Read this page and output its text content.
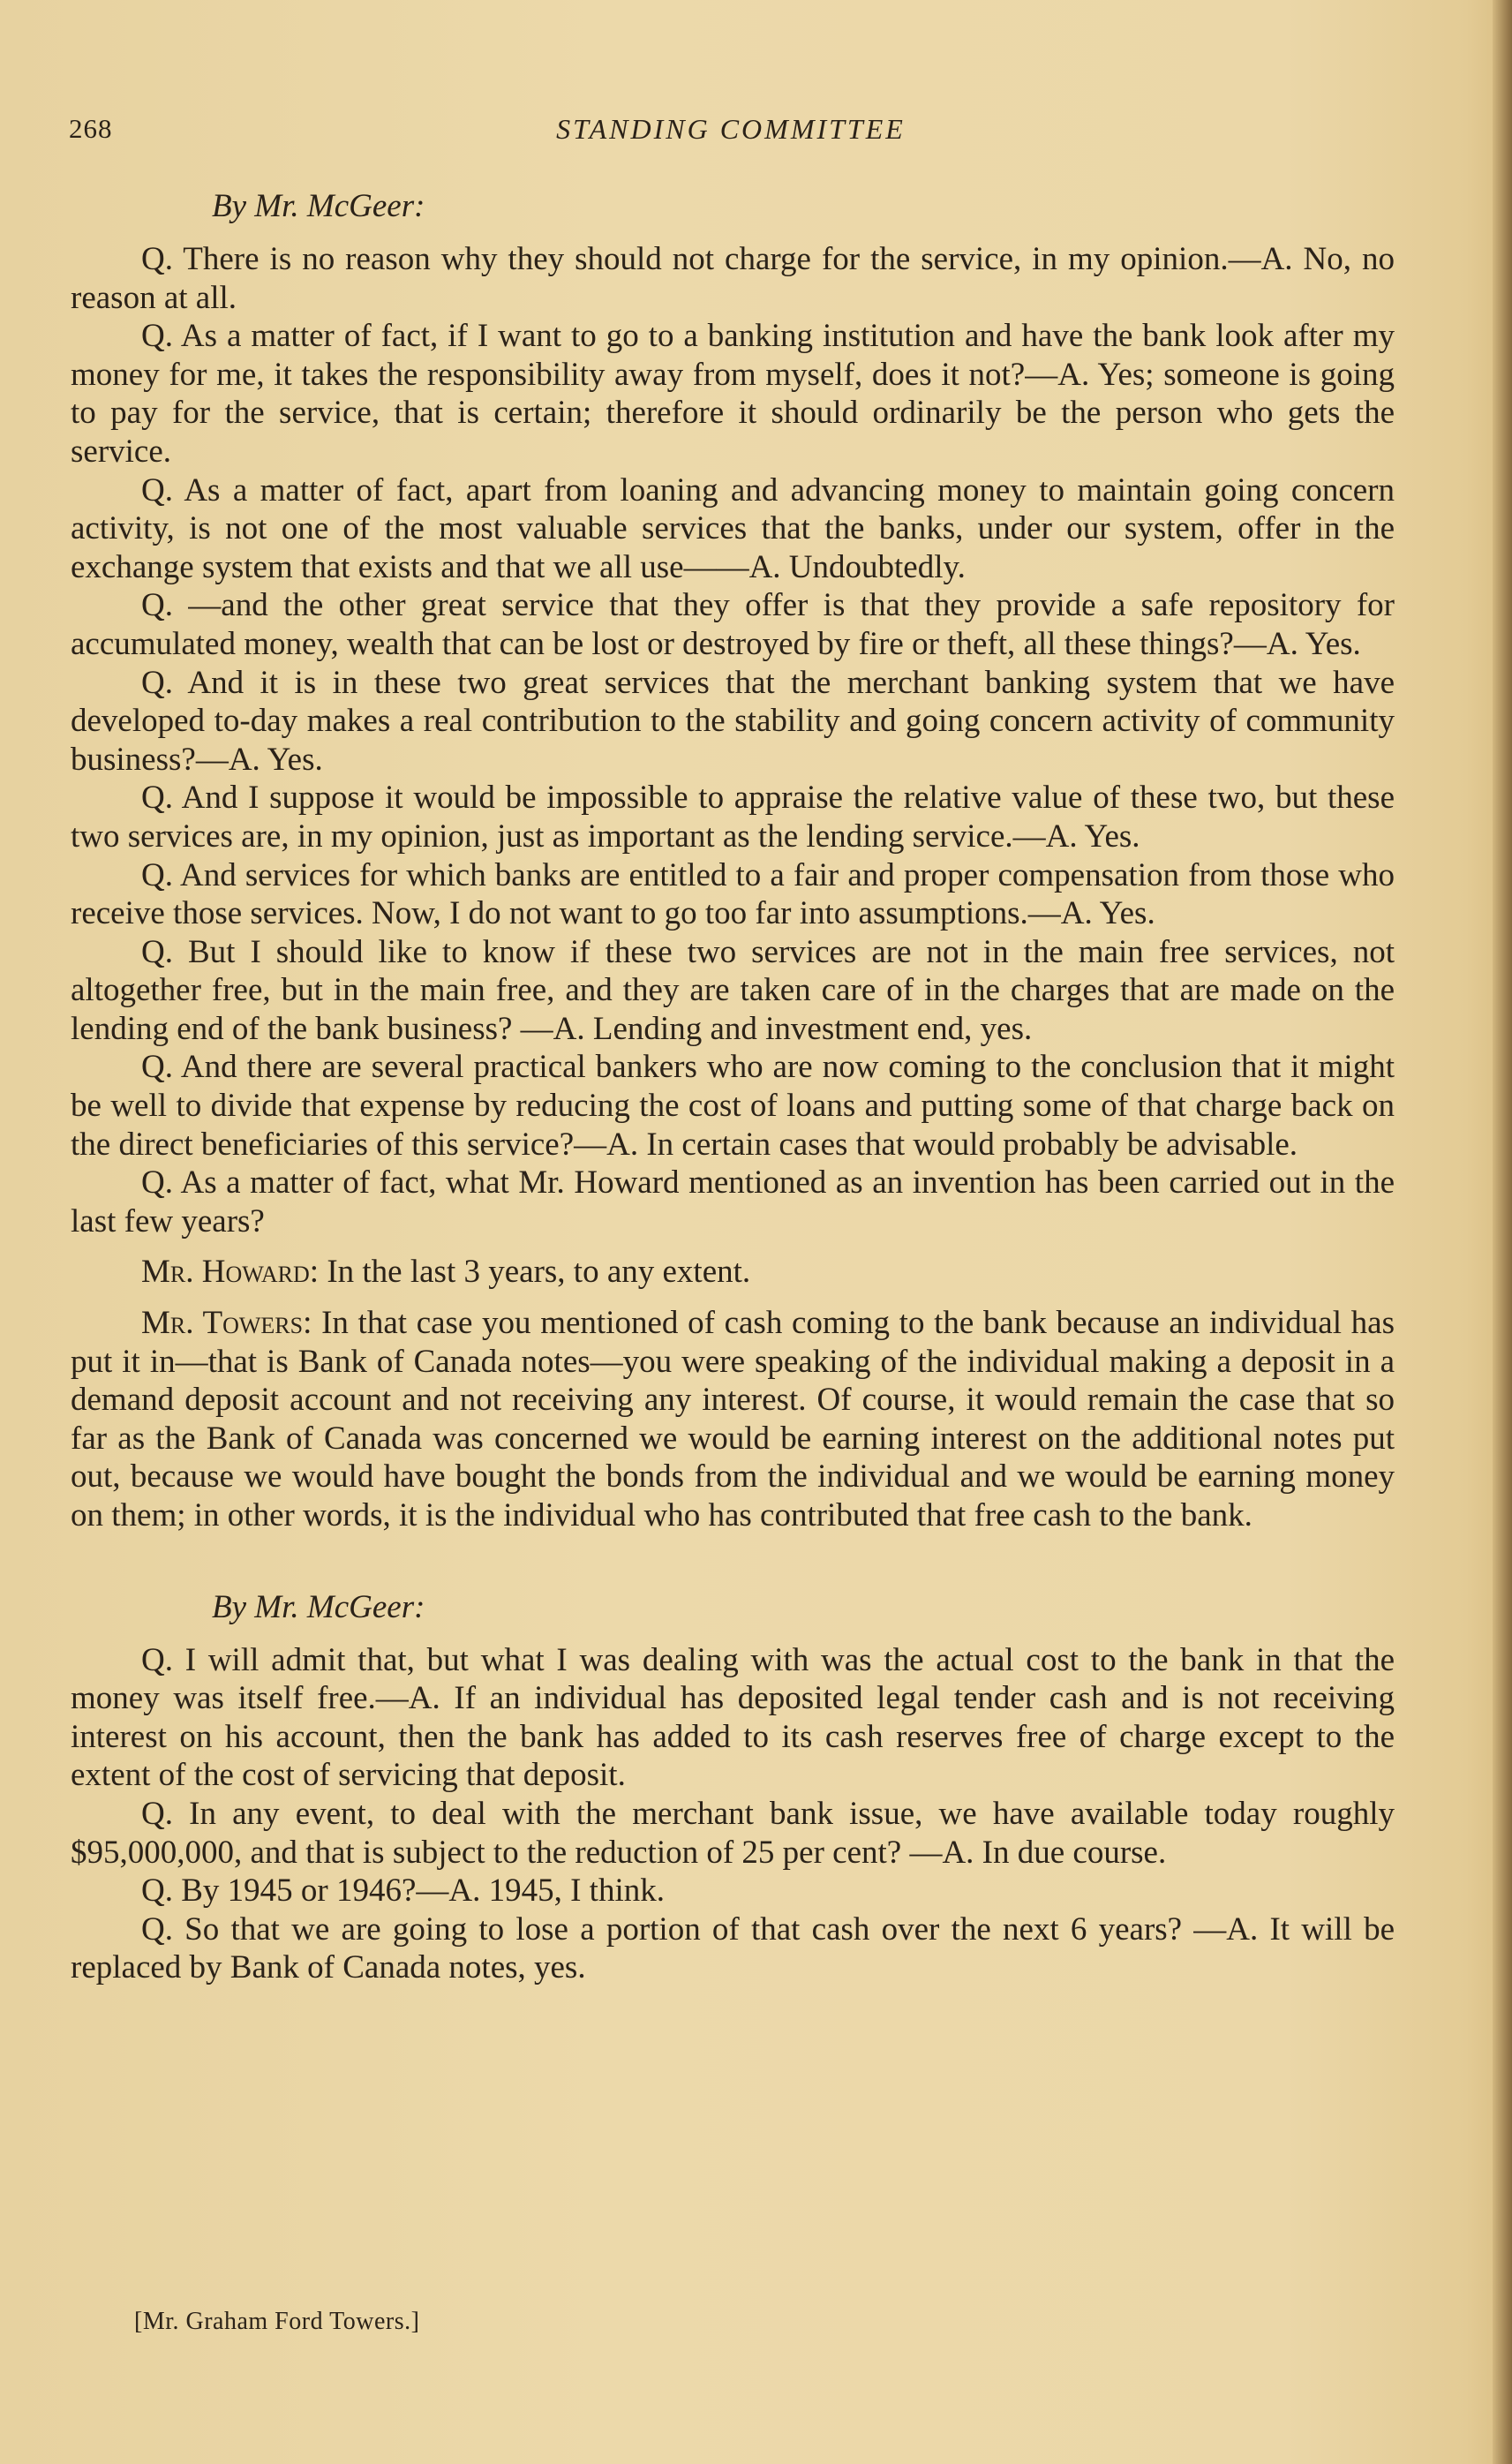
268	STANDING COMMITTEE
By Mr. McGeer:

Q. There is no reason why they should not charge for the service, in my opinion.—A. No, no reason at all.

Q. As a matter of fact, if I want to go to a banking institution and have the bank look after my money for me, it takes the responsibility away from myself, does it not?—A. Yes; someone is going to pay for the service, that is certain; therefore it should ordinarily be the person who gets the service.

Q. As a matter of fact, apart from loaning and advancing money to maintain going concern activity, is not one of the most valuable services that the banks, under our system, offer in the exchange system that exists and that we all use——A. Undoubtedly.

Q. —and the other great service that they offer is that they provide a safe repository for accumulated money, wealth that can be lost or destroyed by fire or theft, all these things?—A. Yes.

Q. And it is in these two great services that the merchant banking system that we have developed to-day makes a real contribution to the stability and going concern activity of community business?—A. Yes.

Q. And I suppose it would be impossible to appraise the relative value of these two, but these two services are, in my opinion, just as important as the lending service.—A. Yes.

Q. And services for which banks are entitled to a fair and proper compensation from those who receive those services. Now, I do not want to go too far into assumptions.—A. Yes.

Q. But I should like to know if these two services are not in the main free services, not altogether free, but in the main free, and they are taken care of in the charges that are made on the lending end of the bank business? —A. Lending and investment end, yes.

Q. And there are several practical bankers who are now coming to the conclusion that it might be well to divide that expense by reducing the cost of loans and putting some of that charge back on the direct beneficiaries of this service?—A. In certain cases that would probably be advisable.

Q. As a matter of fact, what Mr. Howard mentioned as an invention has been carried out in the last few years?

Mr. Howard: In the last 3 years, to any extent.

Mr. Towers: In that case you mentioned of cash coming to the bank because an individual has put it in—that is Bank of Canada notes—you were speaking of the individual making a deposit in a demand deposit account and not receiving any interest. Of course, it would remain the case that so far as the Bank of Canada was concerned we would be earning interest on the additional notes put out, because we would have bought the bonds from the individual and we would be earning money on them; in other words, it is the individual who has contributed that free cash to the bank.

By Mr. McGeer:

Q. I will admit that, but what I was dealing with was the actual cost to the bank in that the money was itself free.—A. If an individual has deposited legal tender cash and is not receiving interest on his account, then the bank has added to its cash reserves free of charge except to the extent of the cost of servicing that deposit.

Q. In any event, to deal with the merchant bank issue, we have available today roughly $95,000,000, and that is subject to the reduction of 25 per cent? —A. In due course.

Q. By 1945 or 1946?—A. 1945, I think.

Q. So that we are going to lose a portion of that cash over the next 6 years? —A. It will be replaced by Bank of Canada notes, yes.

[Mr. Graham Ford Towers.]
